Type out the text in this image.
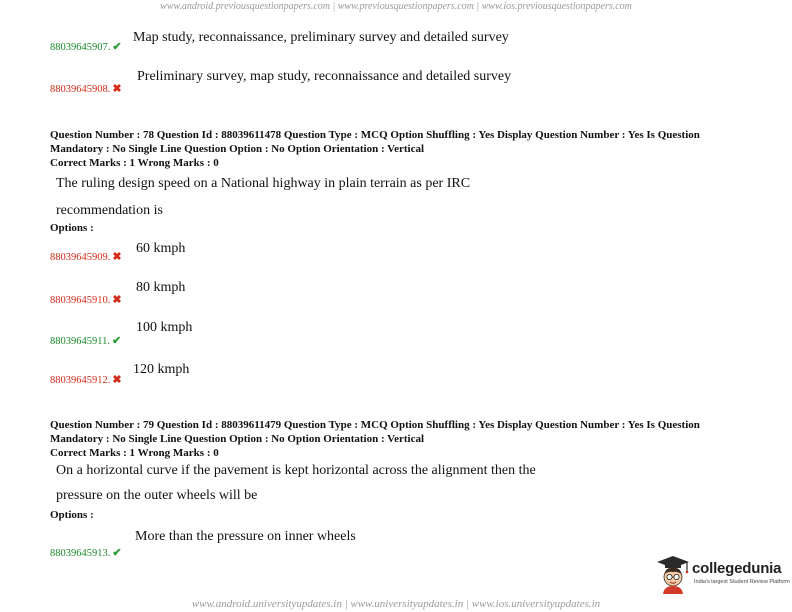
www.android.previousquestionpapers.com | www.previousquestionpapers.com | www.ios.previousquestionpapers.com
88039645907. ✔
Map study, reconnaissance, preliminary survey and detailed survey
88039645908. ✖
Preliminary survey, map study, reconnaissance and detailed survey
Question Number : 78 Question Id : 88039611478 Question Type : MCQ Option Shuffling : Yes Display Question Number : Yes Is Question
Mandatory : No Single Line Question Option : No Option Orientation : Vertical
Correct Marks : 1 Wrong Marks : 0
The ruling design speed on a National highway in plain terrain as per IRC
recommendation is
Options :
88039645909. ✖
60 kmph
88039645910. ✖
80 kmph
88039645911. ✔
100 kmph
88039645912. ✖
120 kmph
Question Number : 79 Question Id : 88039611479 Question Type : MCQ Option Shuffling : Yes Display Question Number : Yes Is Question
Mandatory : No Single Line Question Option : No Option Orientation : Vertical
Correct Marks : 1 Wrong Marks : 0
On a horizontal curve if the pavement is kept horizontal across the alignment then the
pressure on the outer wheels will be
Options :
88039645913. ✔
More than the pressure on inner wheels
collegedunia
India's largest Student Review Platform
www.android.universityupdates.in | www.universityupdates.in | www.ios.universityupdates.in
